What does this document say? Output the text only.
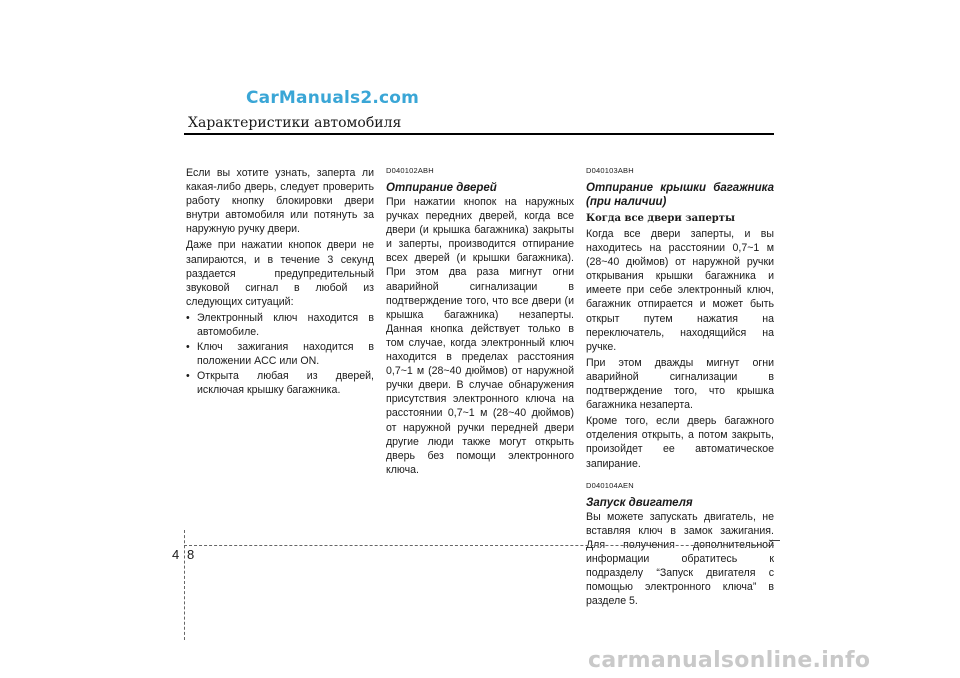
CarManuals2.com
Характеристики автомобиля

Если вы хотите узнать, заперта ли какая-либо дверь, следует проверить работу кнопку блокировки двери внутри автомобиля или потянуть за наружную ручку двери.

Даже при нажатии кнопок двери не запираются, и в течение 3 секунд раздается предупредительный звуковой сигнал в любой из следующих ситуаций:

• Электронный ключ находится в автомобиле.
• Ключ зажигания находится в положении ACC или ON.
• Открыта любая из дверей, исключая крышку багажника.
D040102ABH
Отпирание дверей

При нажатии кнопок на наружных ручках передних дверей, когда все двери (и крышка багажника) закрыты и заперты, производится отпирание всех дверей (и крышки багажника). При этом два раза мигнут огни аварийной сигнализации в подтверждение того, что все двери (и крышка багажника) незаперты. Данная кнопка действует только в том случае, когда электронный ключ находится в пределах расстояния 0,7~1 м (28~40 дюймов) от наружной ручки двери. В случае обнаружения присутствия электронного ключа на расстоянии 0,7~1 м (28~40 дюймов) от наружной ручки передней двери другие люди также могут открыть дверь без помощи электронного ключа.

D040103ABH
Отпирание крышки багажника (при наличии)
Когда все двери заперты

Когда все двери заперты, и вы находитесь на расстоянии 0,7~1 м (28~40 дюймов) от наружной ручки открывания крышки багажника и имеете при себе электронный ключ, багажник отпирается и может быть открыт путем нажатия на переключатель, находящийся на ручке.

При этом дважды мигнут огни аварийной сигнализации в подтверждение того, что крышка багажника незаперта.

Кроме того, если дверь багажного отделения открыть, а потом закрыть, произойдет ее автоматическое запирание.

D040104AEN
Запуск двигателя

Вы можете запускать двигатель, не вставляя ключ в замок зажигания. Для получения дополнительной информации обратитесь к подразделу “Запуск двигателя с помощью электронного ключа” в разделе 5.

4 8
carmanualsonline.info
